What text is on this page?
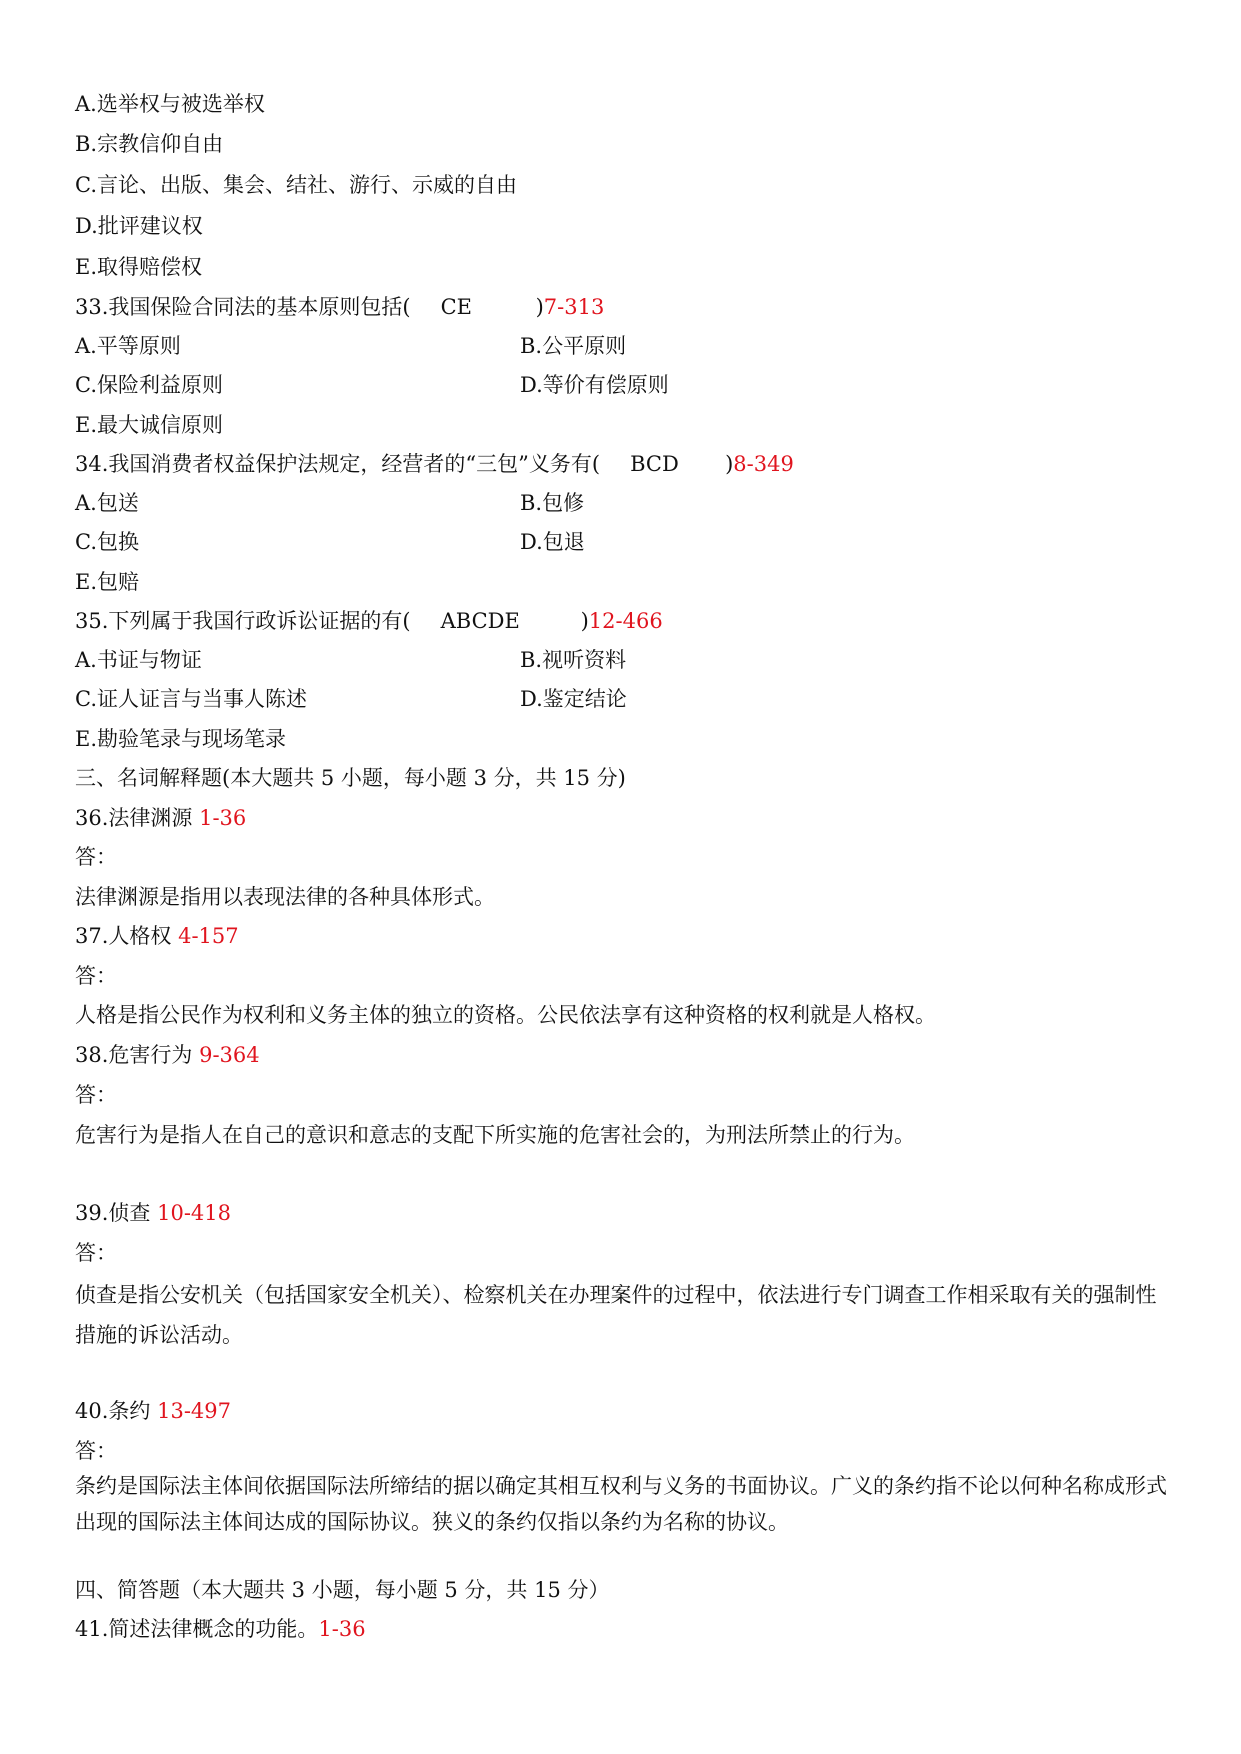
A.选举权与被选举权
B.宗教信仰自由
C.言论、出版、集会、结社、游行、示威的自由
D.批评建议权
E.取得赔偿权
33.我国保险合同法的基本原则包括( CE	)7-313
A.平等原则	B.公平原则
C.保险利益原则	D.等价有偿原则
E.最大诚信原则
34.我国消费者权益保护法规定，经营者的“三包”义务有( BCD )8-349
A.包送	B.包修
C.包换	D.包退
E.包赔
35.下列属于我国行政诉讼证据的有( ABCDE	)12-466
A.书证与物证	B.视听资料
C.证人证言与当事人陈述	D.鉴定结论
E.勘验笔录与现场笔录
三、名词解释题(本大题共 5 小题，每小题 3 分，共 15 分)
36.法律渊源 1-36
答：
法律渊源是指用以表现法律的各种具体形式。
37.人格权 4-157
答：
人格是指公民作为权利和义务主体的独立的资格。公民依法享有这种资格的权利就是人格权。
38.危害行为 9-364
答：
危害行为是指人在自己的意识和意志的支配下所实施的危害社会的，为刑法所禁止的行为。
39.侦查 10-418
答：
侦查是指公安机关（包括国家安全机关）、检察机关在办理案件的过程中，依法进行专门调查工作相采取有关的强制性措施的诉讼活动。
40.条约 13-497
答：
条约是国际法主体间依据国际法所缔结的据以确定其相互权利与义务的书面协议。广义的条约指不论以何种名称成形式出现的国际法主体间达成的国际协议。狭义的条约仅指以条约为名称的协议。
四、简答题（本大题共 3 小题，每小题 5 分，共 15 分）
41.简述法律概念的功能。1-36
